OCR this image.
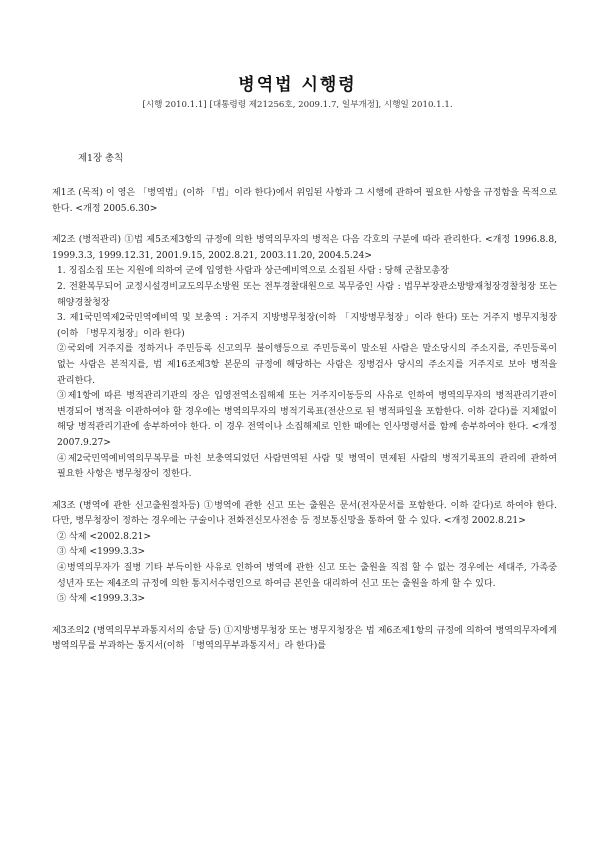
병역법 시행령
[시행 2010.1.1] [대통령령 제21256호, 2009.1.7, 일부개정], 시행일 2010.1.1.
제1장 총칙

제1조 (목적) 이 영은 「병역법」(이하 「법」이라 한다)에서 위임된 사항과 그 시행에 관하여 필요한 사항을 규정함을 목적으로 한다. <개정 2005.6.30>

제2조 (병적관리) ①법 제5조제3항의 규정에 의한 병역의무자의 병적은 다음 각호의 구분에 따라 관리한다. <개정 1996.8.8, 1999.3.3, 1999.12.31, 2001.9.15, 2002.8.21, 2003.11.20, 2004.5.24>

1. 징집소집 또는 지원에 의하여 군에 입영한 사람과 상근예비역으로 소집된 사람 : 당해 군참모총장

2. 전환복무되어 교정시설경비교도의무소방원 또는 전투경찰대원으로 복무중인 사람 : 법무부장관소방방재청장경찰청장 또는 해양경찰청장

3. 제1국민역제2국민역예비역 및 보충역 : 거주지 지방병무청장(이하 「지방병무청장」이라 한다) 또는 거주지 병무지청장(이하 「병무지청장」이라 한다)

②국외에 거주지를 정하거나 주민등록 신고의무 불이행등으로 주민등록이 말소된 사람은 말소당시의 주소지를, 주민등록이 없는 사람은 본적지를, 법 제16조제3항 본문의 규정에 해당하는 사람은 징병검사 당시의 주소지를 거주지로 보아 병적을 관리한다.

③제1항에 따른 병적관리기관의 장은 입영전역소집해제 또는 거주지이동등의 사유로 인하여 병역의무자의 병적관리기관이 변경되어 병적을 이관하여야 할 경우에는 병역의무자의 병적기록표(전산으로 된 병적파일을 포함한다. 이하 같다)를 지체없이 해당 병적관리기관에 송부하여야 한다. 이 경우 전역이나 소집해제로 인한 때에는 인사명령서를 함께 송부하여야 한다. <개정 2007.9.27>

④제2국민역예비역의무복무를 마친 보충역되었던 사람면역된 사람 및 병역이 면제된 사람의 병적기록표의 관리에 관하여 필요한 사항은 병무청장이 정한다.

제3조 (병역에 관한 신고출원절차등) ①병역에 관한 신고 또는 출원은 문서(전자문서를 포함한다. 이하 같다)로 하여야 한다. 다만, 병무청장이 정하는 경우에는 구술이나 전화전신모사전송 등 정보통신망을 통하여 할 수 있다. <개정 2002.8.21>

② 삭제 <2002.8.21>

③ 삭제 <1999.3.3>

④병역의무자가 질병 기타 부득이한 사유로 인하여 병역에 관한 신고 또는 출원을 직접 할 수 없는 경우에는 세대주, 가족중 성년자 또는 제4조의 규정에 의한 통지서수령인으로 하여금 본인을 대리하여 신고 또는 출원을 하게 할 수 있다.

⑤ 삭제 <1999.3.3>

제3조의2 (병역의무부과통지서의 송달 등) ①지방병무청장 또는 병무지청장은 법 제6조제1항의 규정에 의하여 병역의무자에게 병역의무를 부과하는 통지서(이하 「병역의무부과통지서」라 한다)를
